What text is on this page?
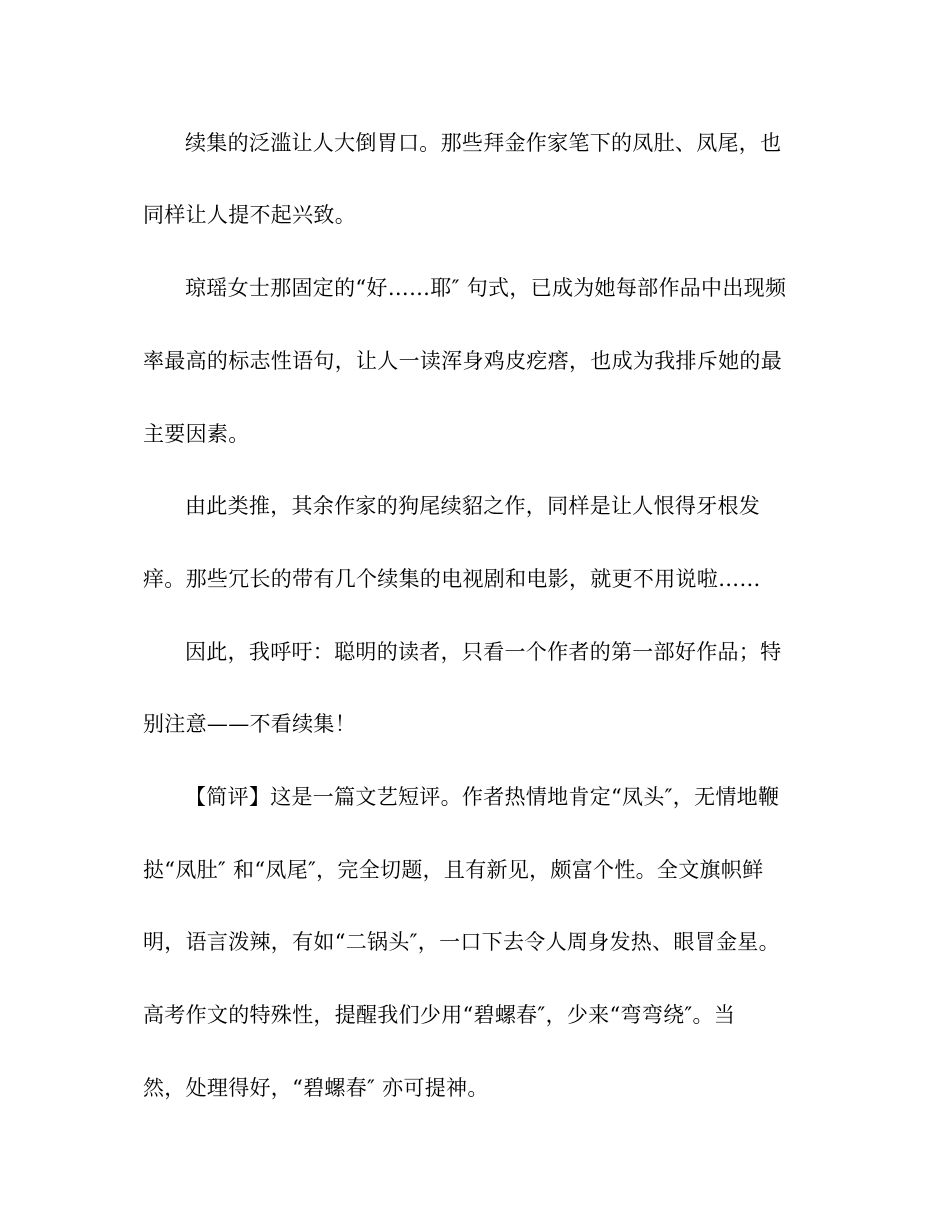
续集的泛滥让人大倒胃口。那些拜金作家笔下的凤肚、凤尾，也
同样让人提不起兴致。
琼瑶女士那固定的“好……耶″ 句式，已成为她每部作品中出现频
率最高的标志性语句，让人一读浑身鸡皮疙瘩，也成为我排斥她的最
主要因素。
由此类推，其余作家的狗尾续貂之作，同样是让人恨得牙根发
痒。那些冗长的带有几个续集的电视剧和电影，就更不用说啦……
因此，我呼吁：聪明的读者，只看一个作者的第一部好作品；特
别注意——不看续集！
【简评】这是一篇文艺短评。作者热情地肯定“凤头″，无情地鞭
挞“凤肚″ 和“凤尾″，完全切题，且有新见，颇富个性。全文旗帜鲜
明，语言泼辣，有如“二锅头″，一口下去令人周身发热、眼冒金星。
高考作文的特殊性，提醒我们少用“碧螺春″，少来“弯弯绕″。当
然，处理得好，“碧螺春″ 亦可提神。
